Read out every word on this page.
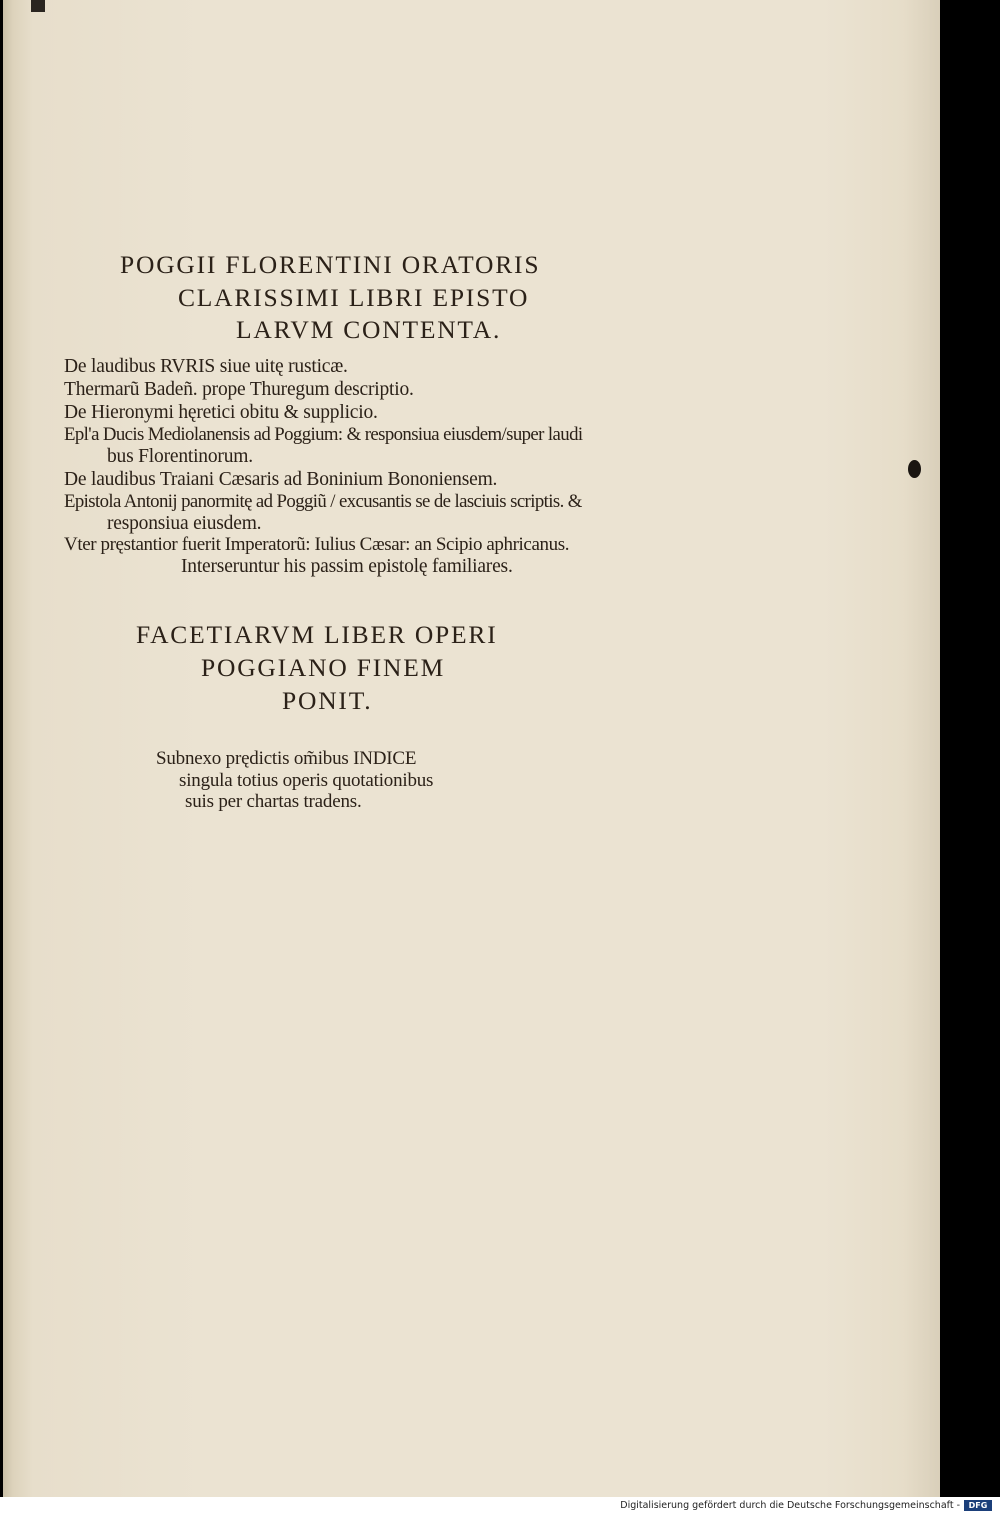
POGGII FLORENTINI ORATORIS
CLARISSIMI LIBRI EPISTO
LARVM CONTENTA.
De laudibus RVRIS siue uitę rusticæ.
Thermarũ Badeñ. prope Thuregum descriptio.
De Hieronymi hęretici obitu & supplicio.
Epl'a Ducis Mediolanensis ad Poggium: & responsiua eiusdem/super laudi
bus Florentinorum.
De laudibus Traiani Cæsaris ad Boninium Bononiensem.
Epistola Antonij panormitę ad Poggiũ / excusantis se de lasciuis scriptis. &
responsiua eiusdem.
Vter pręstantior fuerit Imperatorũ: Iulius Cæsar: an Scipio aphricanus.
Interseruntur his passim epistolę familiares.
FACETIARVM LIBER OPERI
POGGIANO FINEM
PONIT.
Subnexo prędictis om̃ibus INDICE
singula totius operis quotationibus
suis per chartas tradens.
Digitalisierung gefördert durch die Deutsche Forschungsgemeinschaft -	DFG
